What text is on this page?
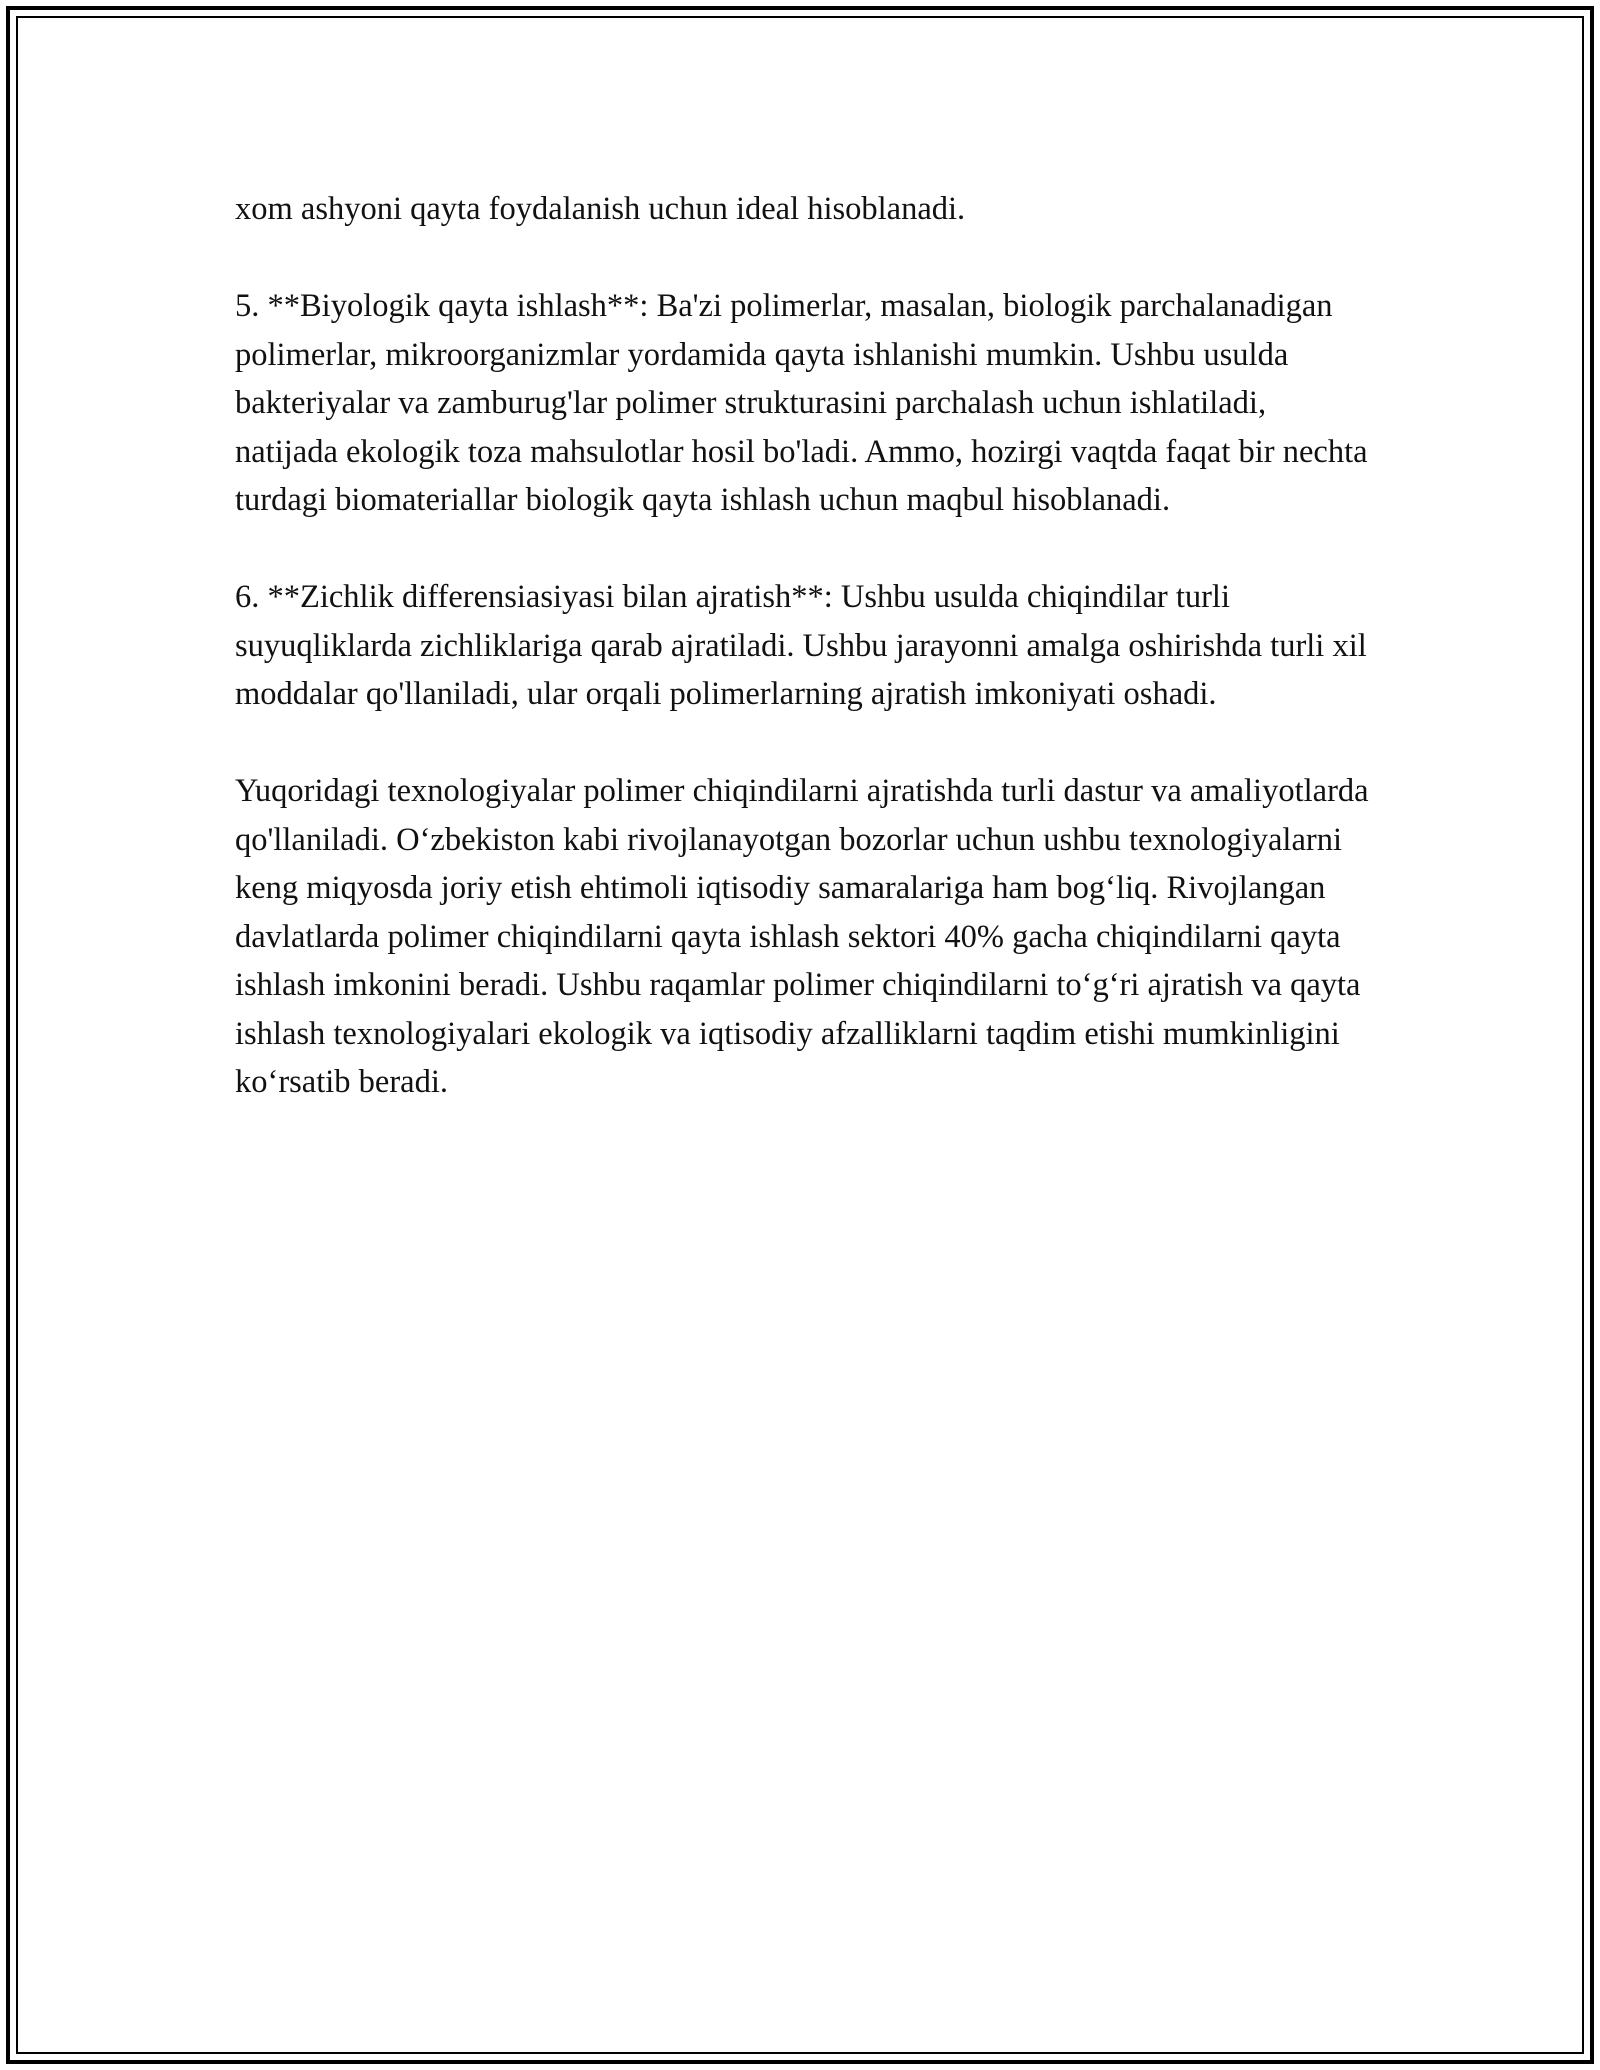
xom ashyoni qayta foydalanish uchun ideal hisoblanadi.

5. **Biyologik qayta ishlash**: Ba'zi polimerlar, masalan, biologik parchalanadigan polimerlar, mikroorganizmlar yordamida qayta ishlanishi mumkin. Ushbu usulda bakteriyalar va zamburug'lar polimer strukturasini parchalash uchun ishlatiladi, natijada ekologik toza mahsulotlar hosil bo'ladi. Ammo, hozirgi vaqtda faqat bir nechta turdagi biomateriallar biologik qayta ishlash uchun maqbul hisoblanadi.

6. **Zichlik differensiasiyasi bilan ajratish**: Ushbu usulda chiqindilar turli suyuqliklarda zichliklariga qarab ajratiladi. Ushbu jarayonni amalga oshirishda turli xil moddalar qo'llaniladi, ular orqali polimerlarning ajratish imkoniyati oshadi.

Yuqoridagi texnologiyalar polimer chiqindilarni ajratishda turli dastur va amaliyotlarda qo'llaniladi. O‘zbekiston kabi rivojlanayotgan bozorlar uchun ushbu texnologiyalarni keng miqyosda joriy etish ehtimoli iqtisodiy samaralariga ham bog‘liq. Rivojlangan davlatlarda polimer chiqindilarni qayta ishlash sektori 40% gacha chiqindilarni qayta ishlash imkonini beradi. Ushbu raqamlar polimer chiqindilarni to‘g‘ri ajratish va qayta ishlash texnologiyalari ekologik va iqtisodiy afzalliklarni taqdim etishi mumkinligini ko‘rsatib beradi.
